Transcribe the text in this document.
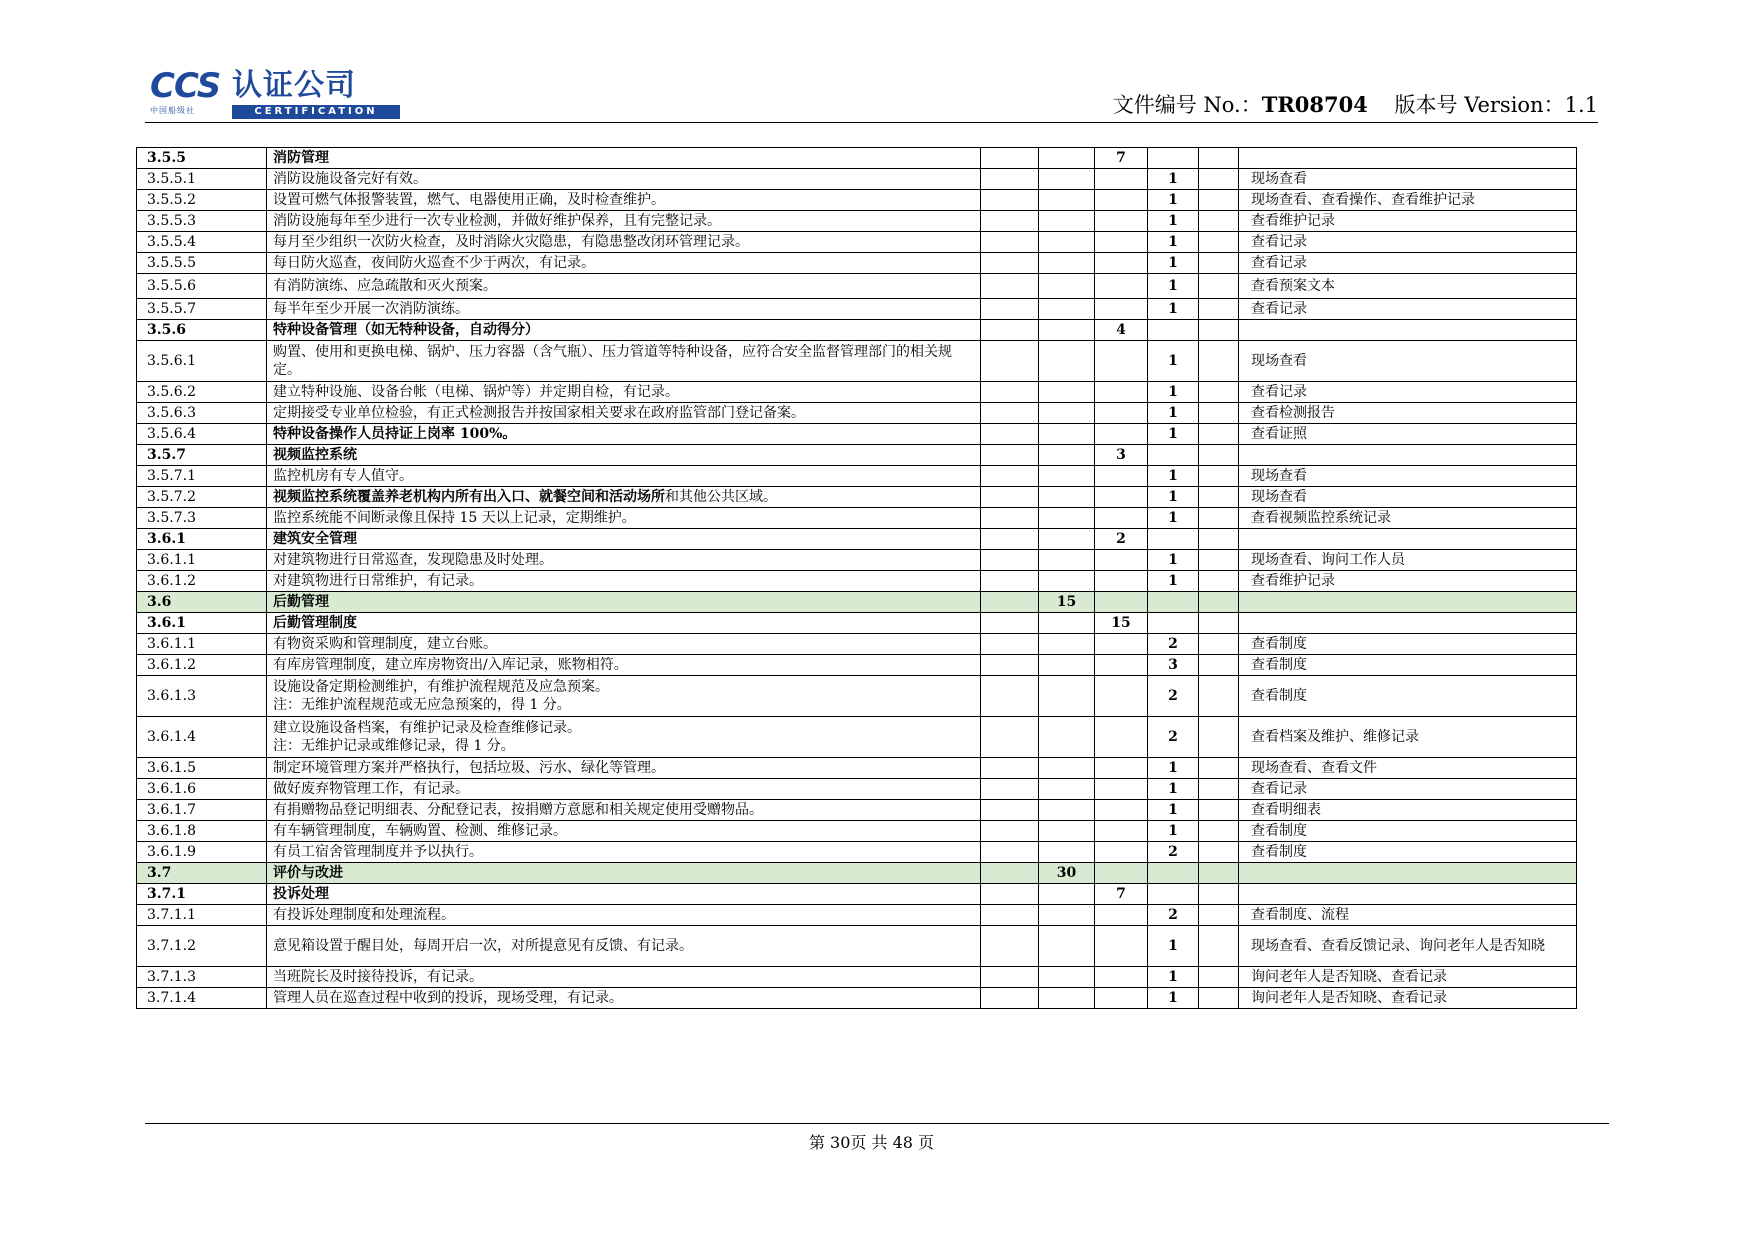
CCS 认证公司
中国船级社	CERTIFICATION	文件编号 No.：TR08704 版本号 Version：1.1
3.5.5	消防管理			7			
3.5.5.1	消防设施设备完好有效。				1		现场查看
3.5.5.2	设置可燃气体报警装置，燃气、电器使用正确，及时检查维护。				1		现场查看、查看操作、查看维护记录
3.5.5.3	消防设施每年至少进行一次专业检测，并做好维护保养，且有完整记录。				1		查看维护记录
3.5.5.4	每月至少组织一次防火检查，及时消除火灾隐患，有隐患整改闭环管理记录。				1		查看记录
3.5.5.5	每日防火巡查，夜间防火巡查不少于两次，有记录。				1		查看记录
3.5.5.6	有消防演练、应急疏散和灭火预案。				1		查看预案文本
3.5.5.7	每半年至少开展一次消防演练。				1		查看记录
3.5.6	特种设备管理（如无特种设备，自动得分）			4			
3.5.6.1	购置、使用和更换电梯、锅炉、压力容器（含气瓶）、压力管道等特种设备，应符合安全监督管理部门的相关规定。				1		现场查看
3.5.6.2	建立特种设施、设备台帐（电梯、锅炉等）并定期自检，有记录。				1		查看记录
3.5.6.3	定期接受专业单位检验，有正式检测报告并按国家相关要求在政府监管部门登记备案。				1		查看检测报告
3.5.6.4	特种设备操作人员持证上岗率 100%。				1		查看证照
3.5.7	视频监控系统			3			
3.5.7.1	监控机房有专人值守。				1		现场查看
3.5.7.2	视频监控系统覆盖养老机构内所有出入口、就餐空间和活动场所和其他公共区域。				1		现场查看
3.5.7.3	监控系统能不间断录像且保持 15 天以上记录，定期维护。				1		查看视频监控系统记录
3.6.1	建筑安全管理			2			
3.6.1.1	对建筑物进行日常巡查，发现隐患及时处理。				1		现场查看、询问工作人员
3.6.1.2	对建筑物进行日常维护，有记录。				1		查看维护记录
3.6	后勤管理		15				
3.6.1	后勤管理制度			15			
3.6.1.1	有物资采购和管理制度，建立台账。				2		查看制度
3.6.1.2	有库房管理制度，建立库房物资出/入库记录，账物相符。				3		查看制度
3.6.1.3	设施设备定期检测维护，有维护流程规范及应急预案。
注：无维护流程规范或无应急预案的，得 1 分。				2		查看制度
3.6.1.4	建立设施设备档案，有维护记录及检查维修记录。
注：无维护记录或维修记录，得 1 分。				2		查看档案及维护、维修记录
3.6.1.5	制定环境管理方案并严格执行，包括垃圾、污水、绿化等管理。				1		现场查看、查看文件
3.6.1.6	做好废弃物管理工作，有记录。				1		查看记录
3.6.1.7	有捐赠物品登记明细表、分配登记表，按捐赠方意愿和相关规定使用受赠物品。				1		查看明细表
3.6.1.8	有车辆管理制度，车辆购置、检测、维修记录。				1		查看制度
3.6.1.9	有员工宿舍管理制度并予以执行。				2		查看制度
3.7	评价与改进		30				
3.7.1	投诉处理			7			
3.7.1.1	有投诉处理制度和处理流程。				2		查看制度、流程
3.7.1.2	意见箱设置于醒目处，每周开启一次，对所提意见有反馈、有记录。				1		现场查看、查看反馈记录、询问老年人是否知晓
3.7.1.3	当班院长及时接待投诉，有记录。				1		询问老年人是否知晓、查看记录
3.7.1.4	管理人员在巡查过程中收到的投诉，现场受理，有记录。				1		询问老年人是否知晓、查看记录
第 30页 共 48 页
